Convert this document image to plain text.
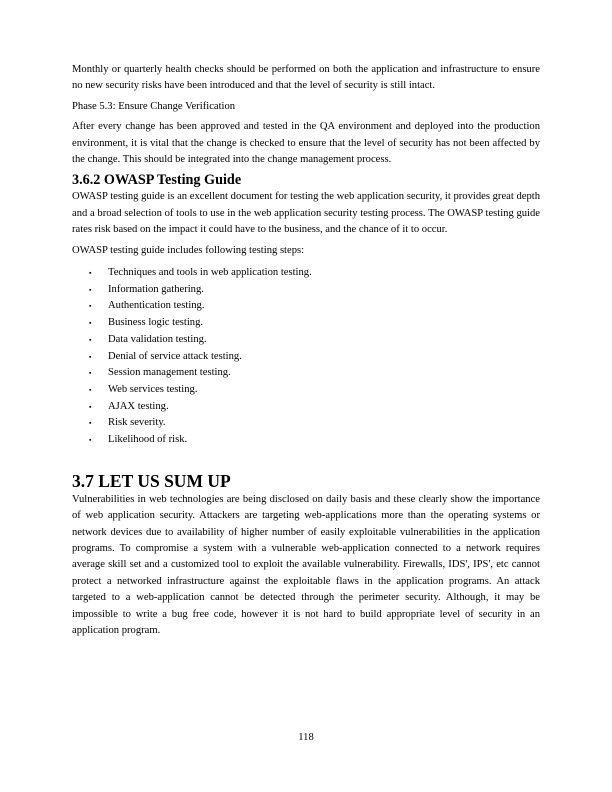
Monthly or quarterly health checks should be performed on both the application and infrastructure to ensure no new security risks have been introduced and that the level of security is still intact.

Phase 5.3: Ensure Change Verification

After every change has been approved and tested in the QA environment and deployed into the production environment, it is vital that the change is checked to ensure that the level of security has not been affected by the change. This should be integrated into the change management process.

3.6.2 OWASP Testing Guide

OWASP testing guide is an excellent document for testing the web application security, it provides great depth and a broad selection of tools to use in the web application security testing process. The OWASP testing guide rates risk based on the impact it could have to the business, and the chance of it to occur.

OWASP testing guide includes following testing steps:

▪ Techniques and tools in web application testing.
▪ Information gathering.
▪ Authentication testing.
▪ Business logic testing.
▪ Data validation testing.
▪ Denial of service attack testing.
▪ Session management testing.
▪ Web services testing.
▪ AJAX testing.
▪ Risk severity.
▪ Likelihood of risk.
3.7 LET US SUM UP

Vulnerabilities in web technologies are being disclosed on daily basis and these clearly show the importance of web application security. Attackers are targeting web-applications more than the operating systems or network devices due to availability of higher number of easily exploitable vulnerabilities in the application programs. To compromise a system with a vulnerable web-application connected to a network requires average skill set and a customized tool to exploit the available vulnerability. Firewalls, IDS', IPS', etc cannot protect a networked infrastructure against the exploitable flaws in the application programs. An attack targeted to a web-application cannot be detected through the perimeter security. Although, it may be impossible to write a bug free code, however it is not hard to build appropriate level of security in an application program.

118
